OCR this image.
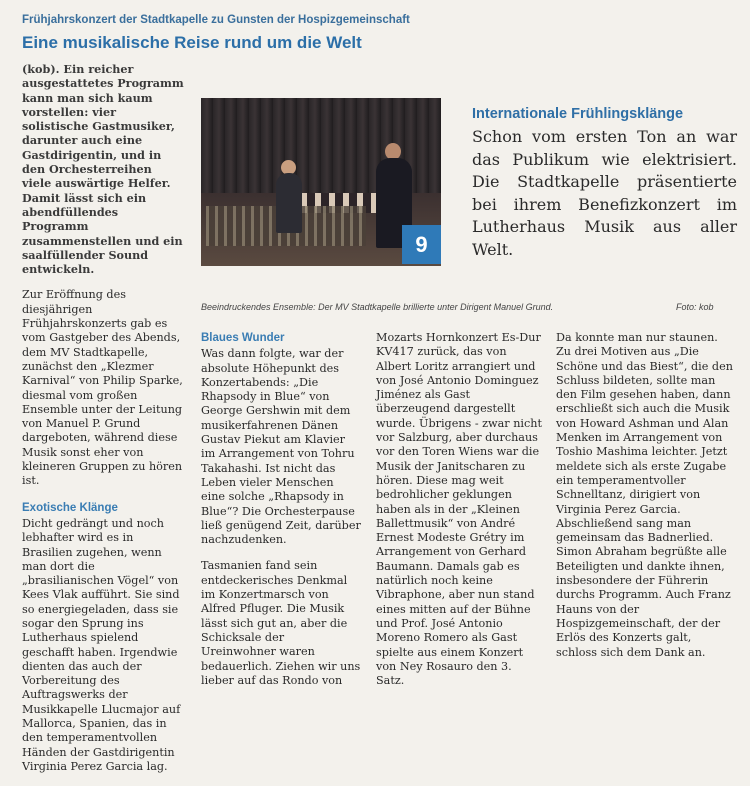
Frühjahrskonzert der Stadtkapelle zu Gunsten der Hospizgemeinschaft
Eine musikalische Reise rund um die Welt

(kob). Ein reicher ausgestattetes Programm kann man sich kaum vorstellen: vier solistische Gastmusiker, darunter auch eine Gastdirigentin, und in den Orchesterreihen viele auswärtige Helfer. Damit lässt sich ein abendfüllendes Programm zusammenstellen und ein saalfüllender Sound entwickeln.

Zur Eröffnung des diesjährigen Frühjahrskonzerts gab es vom Gastgeber des Abends, dem MV Stadtkapelle, zunächst den „Klezmer Karnival“ von Philip Sparke, diesmal vom großen Ensemble unter der Leitung von Manuel P. Grund dargeboten, während diese Musik sonst eher von kleineren Gruppen zu hören ist.

Exotische Klänge

Dicht gedrängt und noch lebhafter wird es in Brasilien zugehen, wenn man dort die „brasilianischen Vögel“ von Kees Vlak aufführt. Sie sind so energiegeladen, dass sie sogar den Sprung ins Lutherhaus spielend geschafft haben. Irgendwie dienten das auch der Vorbereitung des Auftragswerks der Musikkapelle Llucmajor auf Mallorca, Spanien, das in den temperamentvollen Händen der Gastdirigentin Virginia Perez Garcia lag.

9
Internationale Frühlingsklänge
Schon vom ersten Ton an war das Publikum wie elektrisiert. Die Stadtkapelle präsentierte bei ihrem Benefizkonzert im Lutherhaus Musik aus aller Welt.
Beeindruckendes Ensemble: Der MV Stadtkapelle brillierte unter Dirigent Manuel Grund.	Foto: kob
Blaues Wunder

Was dann folgte, war der absolute Höhepunkt des Konzertabends: „Die Rhapsody in Blue“ von George Gershwin mit dem musikerfahrenen Dänen Gustav Piekut am Klavier im Arrangement von Tohru Takahashi. Ist nicht das Leben vieler Menschen eine solche „Rhapsody in Blue“? Die Orchesterpause ließ genügend Zeit, darüber nachzudenken.

Tasmanien fand sein entdeckerisches Denkmal im Konzertmarsch von Alfred Pfluger. Die Musik lässt sich gut an, aber die Schicksale der Ureinwohner waren bedauerlich. Ziehen wir uns lieber auf das Rondo von

Mozarts Hornkonzert Es-Dur KV417 zurück, das von Albert Loritz arrangiert und von José Antonio Dominguez Jiménez als Gast überzeugend dargestellt wurde. Übrigens - zwar nicht vor Salzburg, aber durchaus vor den Toren Wiens war die Musik der Janitscharen zu hören. Diese mag weit bedrohlicher geklungen haben als in der „Kleinen Ballettmusik“ von André Ernest Modeste Grétry im Arrangement von Gerhard Baumann. Damals gab es natürlich noch keine Vibraphone, aber nun stand eines mitten auf der Bühne und Prof. José Antonio Moreno Romero als Gast spielte aus einem Konzert von Ney Rosauro den 3. Satz.

Da konnte man nur staunen. Zu drei Motiven aus „Die Schöne und das Biest“, die den Schluss bildeten, sollte man den Film gesehen haben, dann erschließt sich auch die Musik von Howard Ashman und Alan Menken im Arrangement von Toshio Mashima leichter. Jetzt meldete sich als erste Zugabe ein temperamentvoller Schnelltanz, dirigiert von Virginia Perez Garcia. Abschließend sang man gemeinsam das Badnerlied. Simon Abraham begrüßte alle Beteiligten und dankte ihnen, insbesondere der Führerin durchs Programm. Auch Franz Hauns von der Hospizgemeinschaft, der der Erlös des Konzerts galt, schloss sich dem Dank an.
